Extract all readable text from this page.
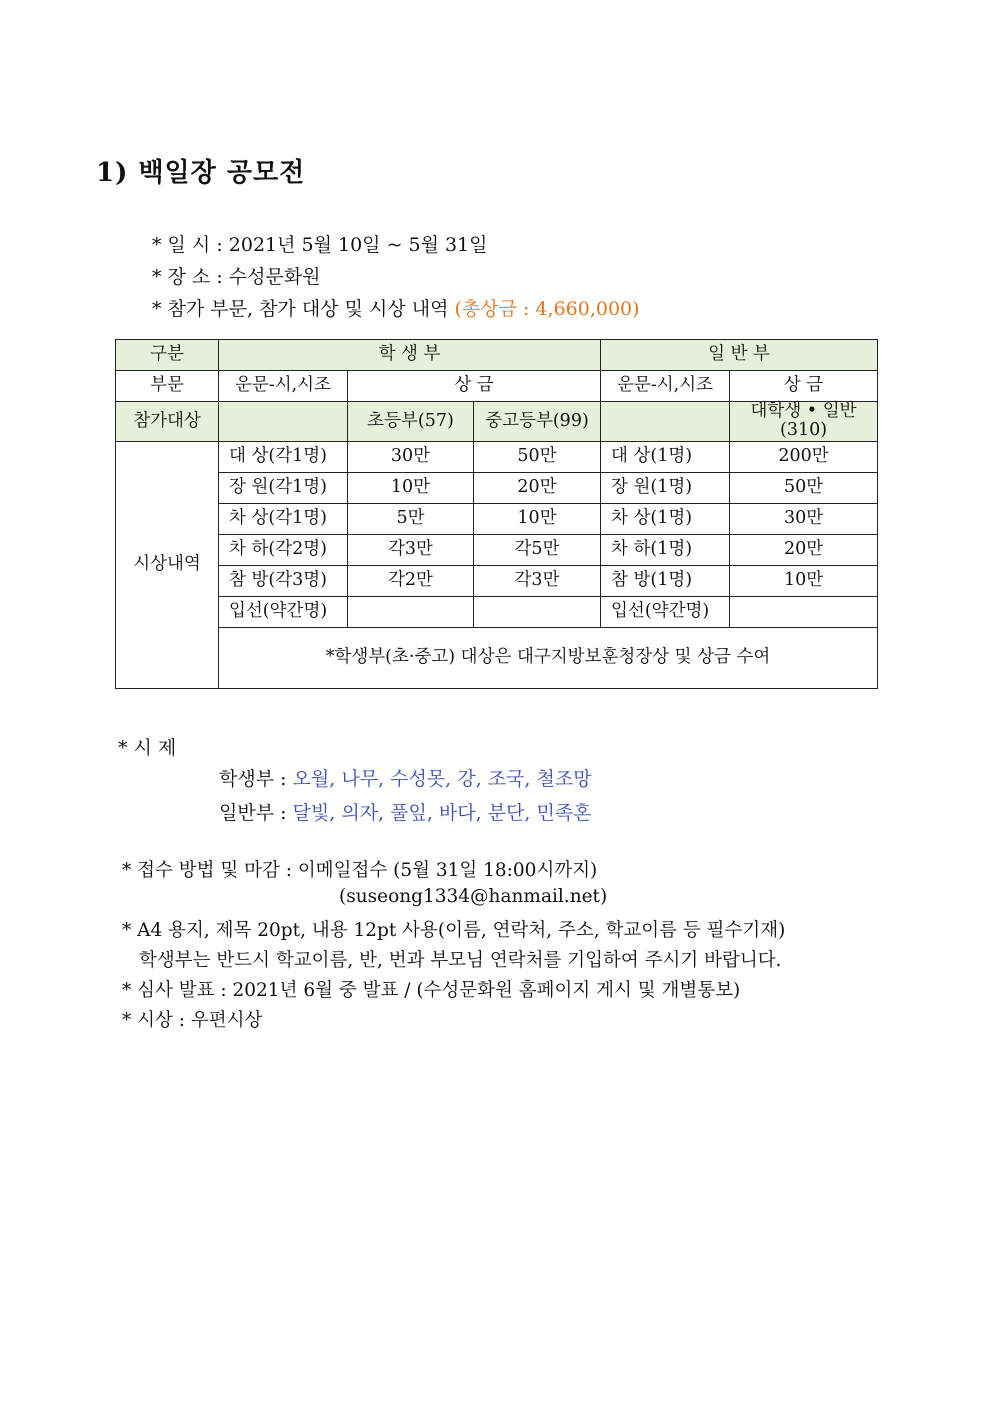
1) 백일장 공모전
* 일 시 : 2021년 5월 10일 ~ 5월 31일
* 장 소 : 수성문화원
* 참가 부문, 참가 대상 및 시상 내역 (총상금 : 4,660,000)
구분	학 생 부			일 반 부	
부문	운문-시,시조	상 금		운문-시,시조	상 금
참가대상		초등부(57)	중고등부(99)		대학생 • 일반(310)
시상내역	대 상(각1명)	30만	50만	대 상(1명)	200만
	장 원(각1명)	10만	20만	장 원(1명)	50만
	차 상(각1명)	5만	10만	차 상(1명)	30만
	차 하(각2명)	각3만	각5만	차 하(1명)	20만
	참 방(각3명)	각2만	각3만	참 방(1명)	10만
	입선(약간명)			입선(약간명)	
	*학생부(초·중고) 대상은 대구지방보훈청장상 및 상금 수여				
* 시 제
학생부 : 오월, 나무, 수성못, 강, 조국, 철조망
일반부 : 달빛, 의자, 풀잎, 바다, 분단, 민족혼
* 접수 방법 및 마감 : 이메일접수 (5월 31일 18:00시까지)
(suseong1334@hanmail.net)
* A4 용지, 제목 20pt, 내용 12pt 사용(이름, 연락처, 주소, 학교이름 등 필수기재)
학생부는 반드시 학교이름, 반, 번과 부모님 연락처를 기입하여 주시기 바랍니다.
* 심사 발표 : 2021년 6월 중 발표 / (수성문화원 홈페이지 게시 및 개별통보)
* 시상 : 우편시상
